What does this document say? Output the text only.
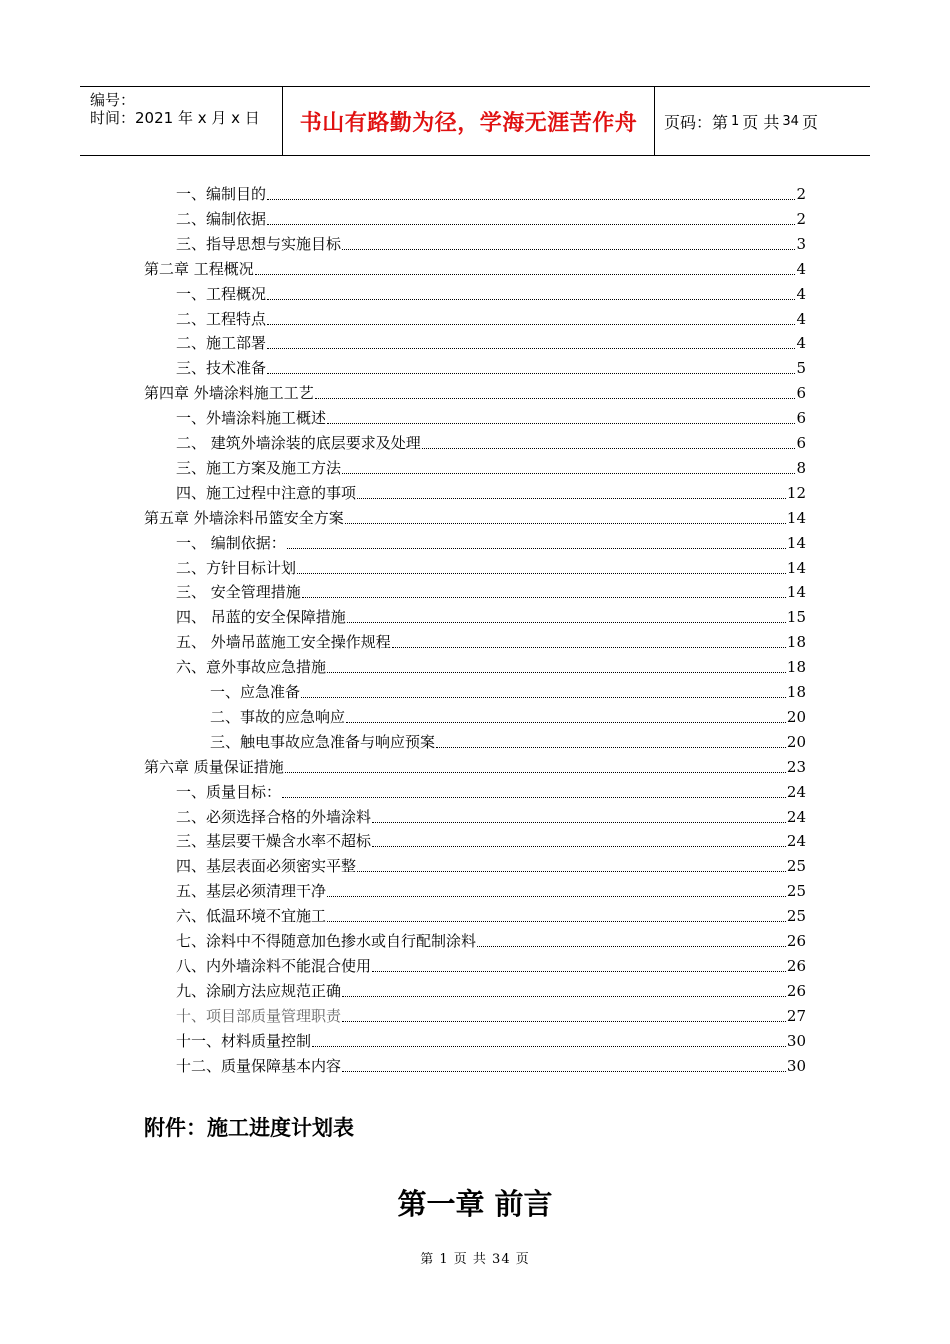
编号：
时间：2021 年 x 月 x 日	书山有路勤为径，学海无涯苦作舟	页码：第 1 页 共 34 页
一、编制目的	2
二、编制依据	2
三、指导思想与实施目标	3
第二章 工程概况	4
一、工程概况	4
二、工程特点	4
二、施工部署	4
三、技术准备	5
第四章 外墙涂料施工工艺	6
一、外墙涂料施工概述	6
二、 建筑外墙涂装的底层要求及处理	6
三、施工方案及施工方法	8
四、施工过程中注意的事项	12
第五章 外墙涂料吊篮安全方案	14
一、 编制依据：	14
二、方针目标计划	14
三、 安全管理措施	14
四、 吊蓝的安全保障措施	15
五、 外墙吊蓝施工安全操作规程	18
六、意外事故应急措施	18
一、应急准备	18
二、事故的应急响应	20
三、触电事故应急准备与响应预案	20
第六章 质量保证措施	23
一、质量目标：	24
二、必须选择合格的外墙涂料	24
三、基层要干燥含水率不超标	24
四、基层表面必须密实平整	25
五、基层必须清理干净	25
六、低温环境不宜施工	25
七、涂料中不得随意加色掺水或自行配制涂料	26
八、内外墙涂料不能混合使用	26
九、涂刷方法应规范正确	26
十、项目部质量管理职责	27
十一、材料质量控制	30
十二、质量保障基本内容	30
附件：施工进度计划表
第一章 前言
第 1 页 共 34 页
